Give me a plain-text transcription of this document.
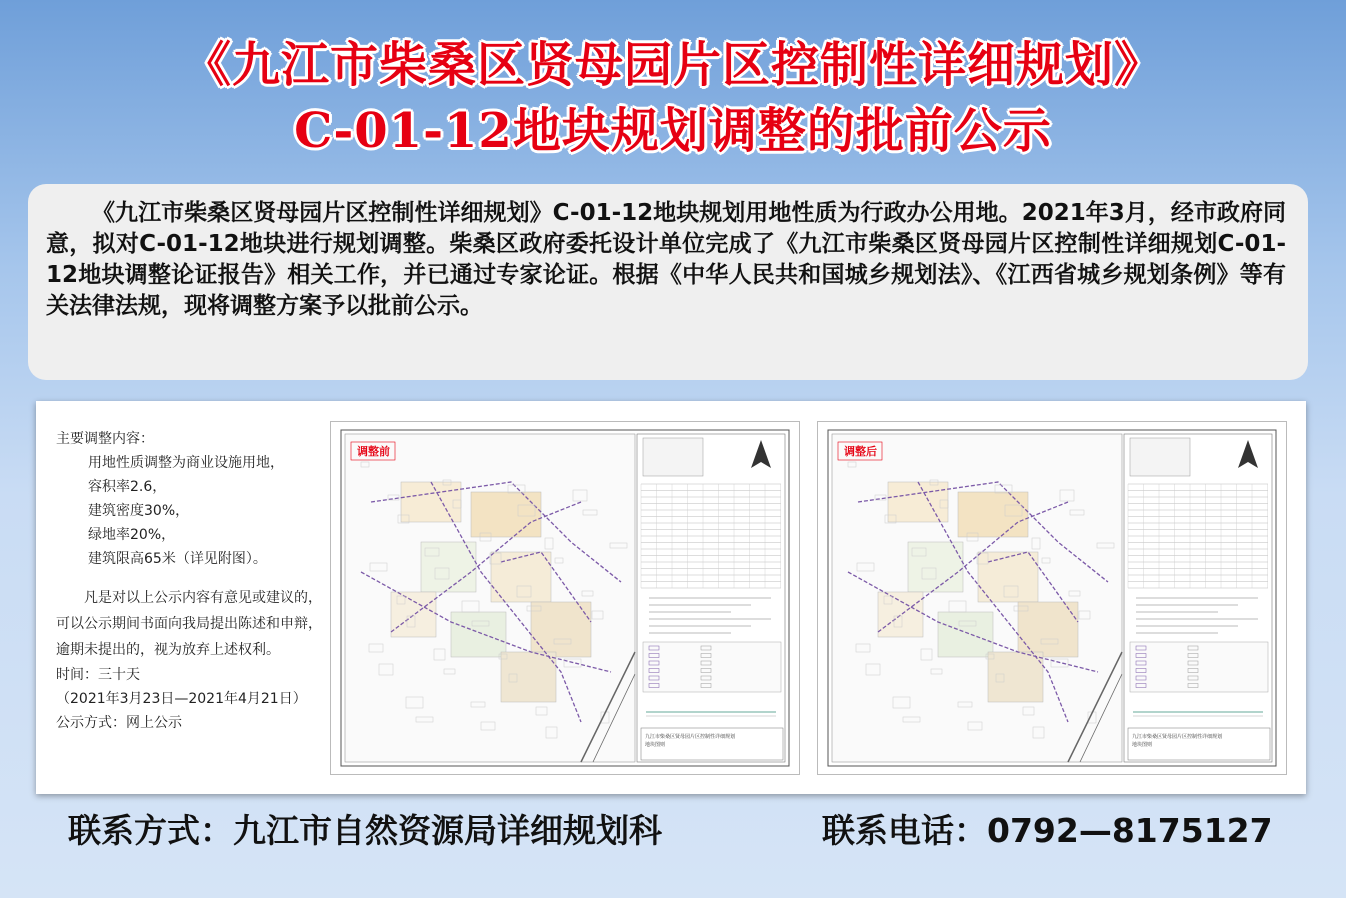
《九江市柴桑区贤母园片区控制性详细规划》
C-01-12地块规划调整的批前公示

《九江市柴桑区贤母园片区控制性详细规划》C-01-12地块规划用地性质为行政办公用地。2021年3月，经市政府同意，拟对C-01-12地块进行规划调整。柴桑区政府委托设计单位完成了《九江市柴桑区贤母园片区控制性详细规划C-01-12地块调整论证报告》相关工作，并已通过专家论证。根据《中华人民共和国城乡规划法》、《江西省城乡规划条例》等有关法律法规，现将调整方案予以批前公示。

主要调整内容：
用地性质调整为商业设施用地，
容积率2.6，
建筑密度30%，
绿地率20%，
建筑限高65米（详见附图）。
凡是对以上公示内容有意见或建议的，可以公示期间书面向我局提出陈述和申辩，逾期未提出的，视为放弃上述权利。
时间：三十天
（2021年3月23日—2021年4月21日）
公示方式：网上公示
调整前
九江市柴桑区贤母园片区控制性详细规划
地块图则
调整后
九江市柴桑区贤母园片区控制性详细规划
地块图则
联系方式：九江市自然资源局详细规划科	联系电话：0792—8175127
